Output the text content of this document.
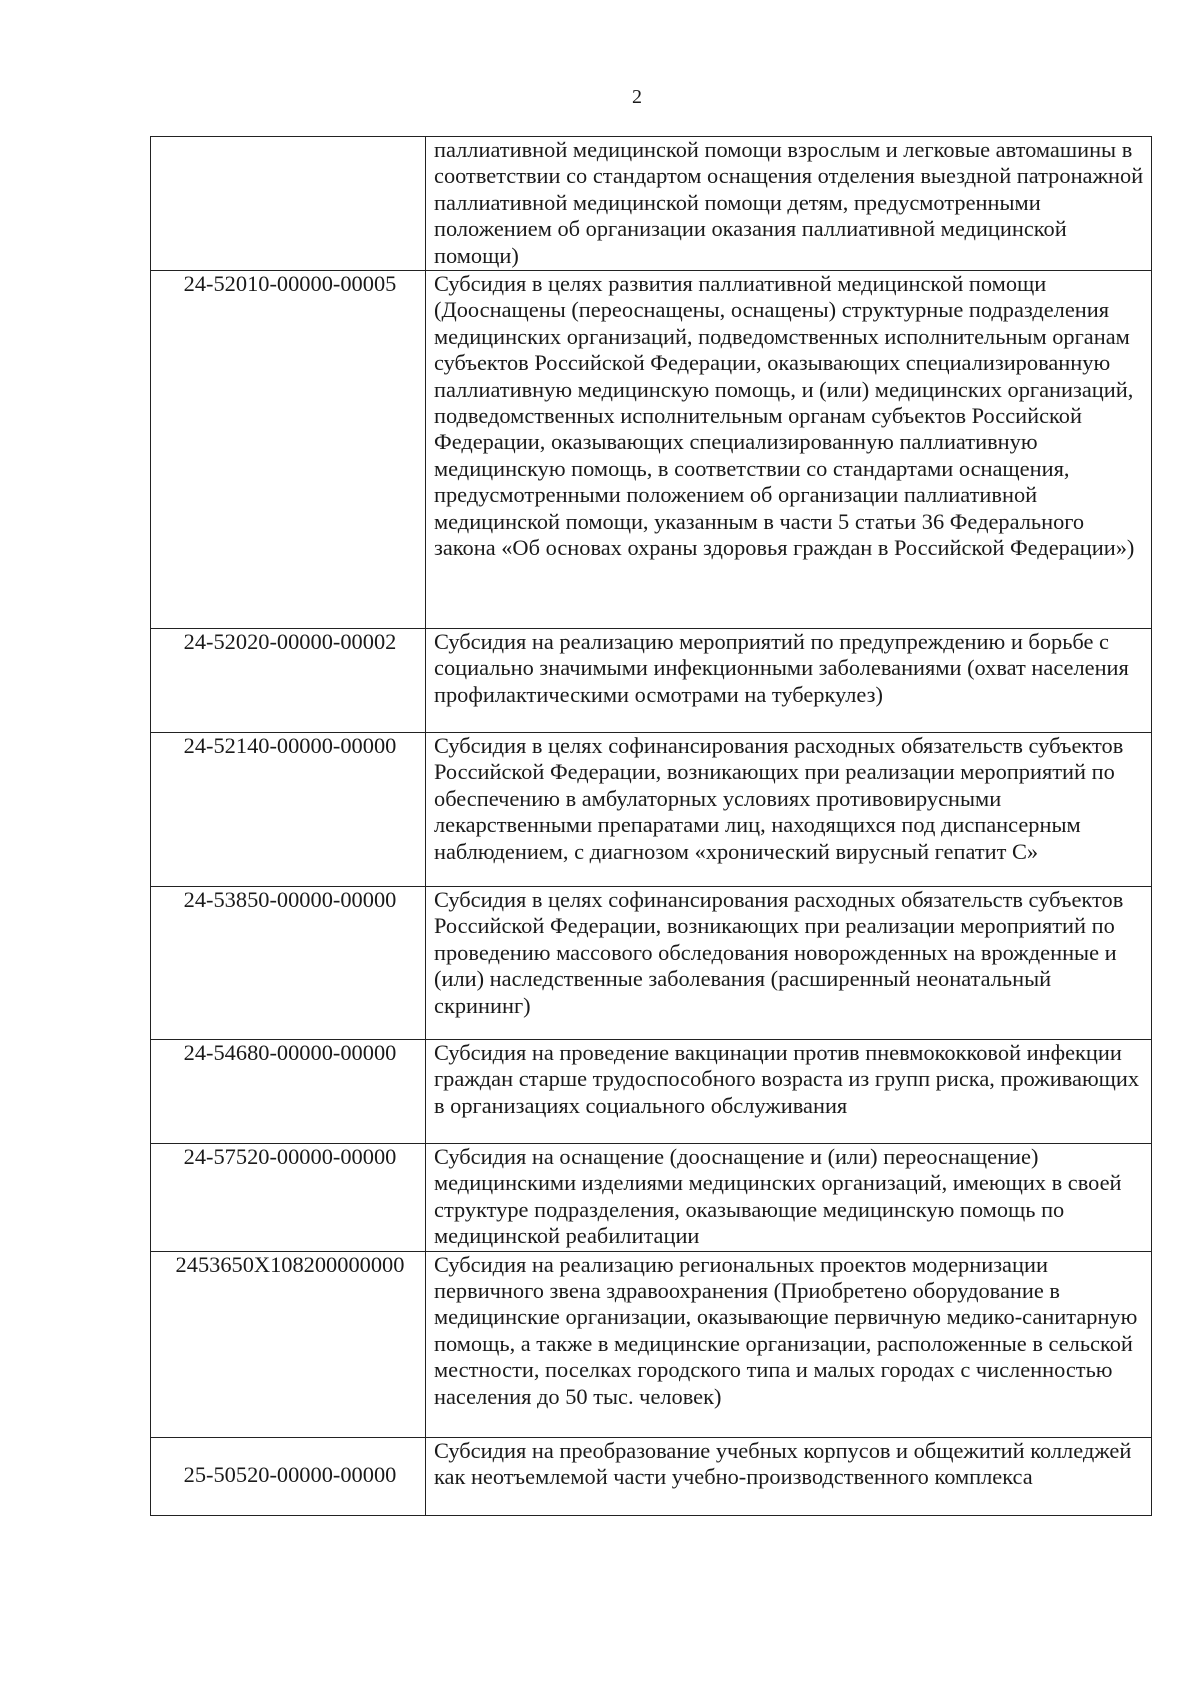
2
	паллиативной медицинской помощи взрослым и легковые автомашины в соответствии со стандартом оснащения отделения выездной патронажной паллиативной медицинской помощи детям, предусмотренными положением об организации оказания паллиативной медицинской помощи)
24-52010-00000-00005	Субсидия в целях развития паллиативной медицинской помощи (Дооснащены (переоснащены, оснащены) структурные подразделения медицинских организаций, подведомственных исполнительным органам субъектов Российской Федерации, оказывающих специализированную паллиативную медицинскую помощь, и (или) медицинских организаций, подведомственных исполнительным органам субъектов Российской Федерации, оказывающих специализированную паллиативную медицинскую помощь, в соответствии со стандартами оснащения, предусмотренными положением об организации паллиативной медицинской помощи, указанным в части 5 статьи 36 Федерального закона «Об основах охраны здоровья граждан в Российской Федерации»)
24-52020-00000-00002	Субсидия на реализацию мероприятий по предупреждению и борьбе с социально значимыми инфекционными заболеваниями (охват населения профилактическими осмотрами на туберкулез)
24-52140-00000-00000	Субсидия в целях софинансирования расходных обязательств субъектов Российской Федерации, возникающих при реализации мероприятий по обеспечению в амбулаторных условиях противовирусными лекарственными препаратами лиц, находящихся под диспансерным наблюдением, с диагнозом «хронический вирусный гепатит С»
24-53850-00000-00000	Субсидия в целях софинансирования расходных обязательств субъектов Российской Федерации, возникающих при реализации мероприятий по проведению массового обследования новорожденных на врожденные и (или) наследственные заболевания (расширенный неонатальный скрининг)
24-54680-00000-00000	Субсидия на проведение вакцинации против пневмококковой инфекции граждан старше трудоспособного возраста из групп риска, проживающих в организациях социального обслуживания
24-57520-00000-00000	Субсидия на оснащение (дооснащение и (или) переоснащение) медицинскими изделиями медицинских организаций, имеющих в своей структуре подразделения, оказывающие медицинскую помощь по медицинской реабилитации
2453650Х108200000000	Субсидия на реализацию региональных проектов модернизации первичного звена здравоохранения (Приобретено оборудование в медицинские организации, оказывающие первичную медико-санитарную помощь, а также в медицинские организации, расположенные в сельской местности, поселках городского типа и малых городах с численностью населения до 50 тыс. человек)
25-50520-00000-00000	Субсидия на преобразование учебных корпусов и общежитий колледжей как неотъемлемой части учебно-производственного комплекса
